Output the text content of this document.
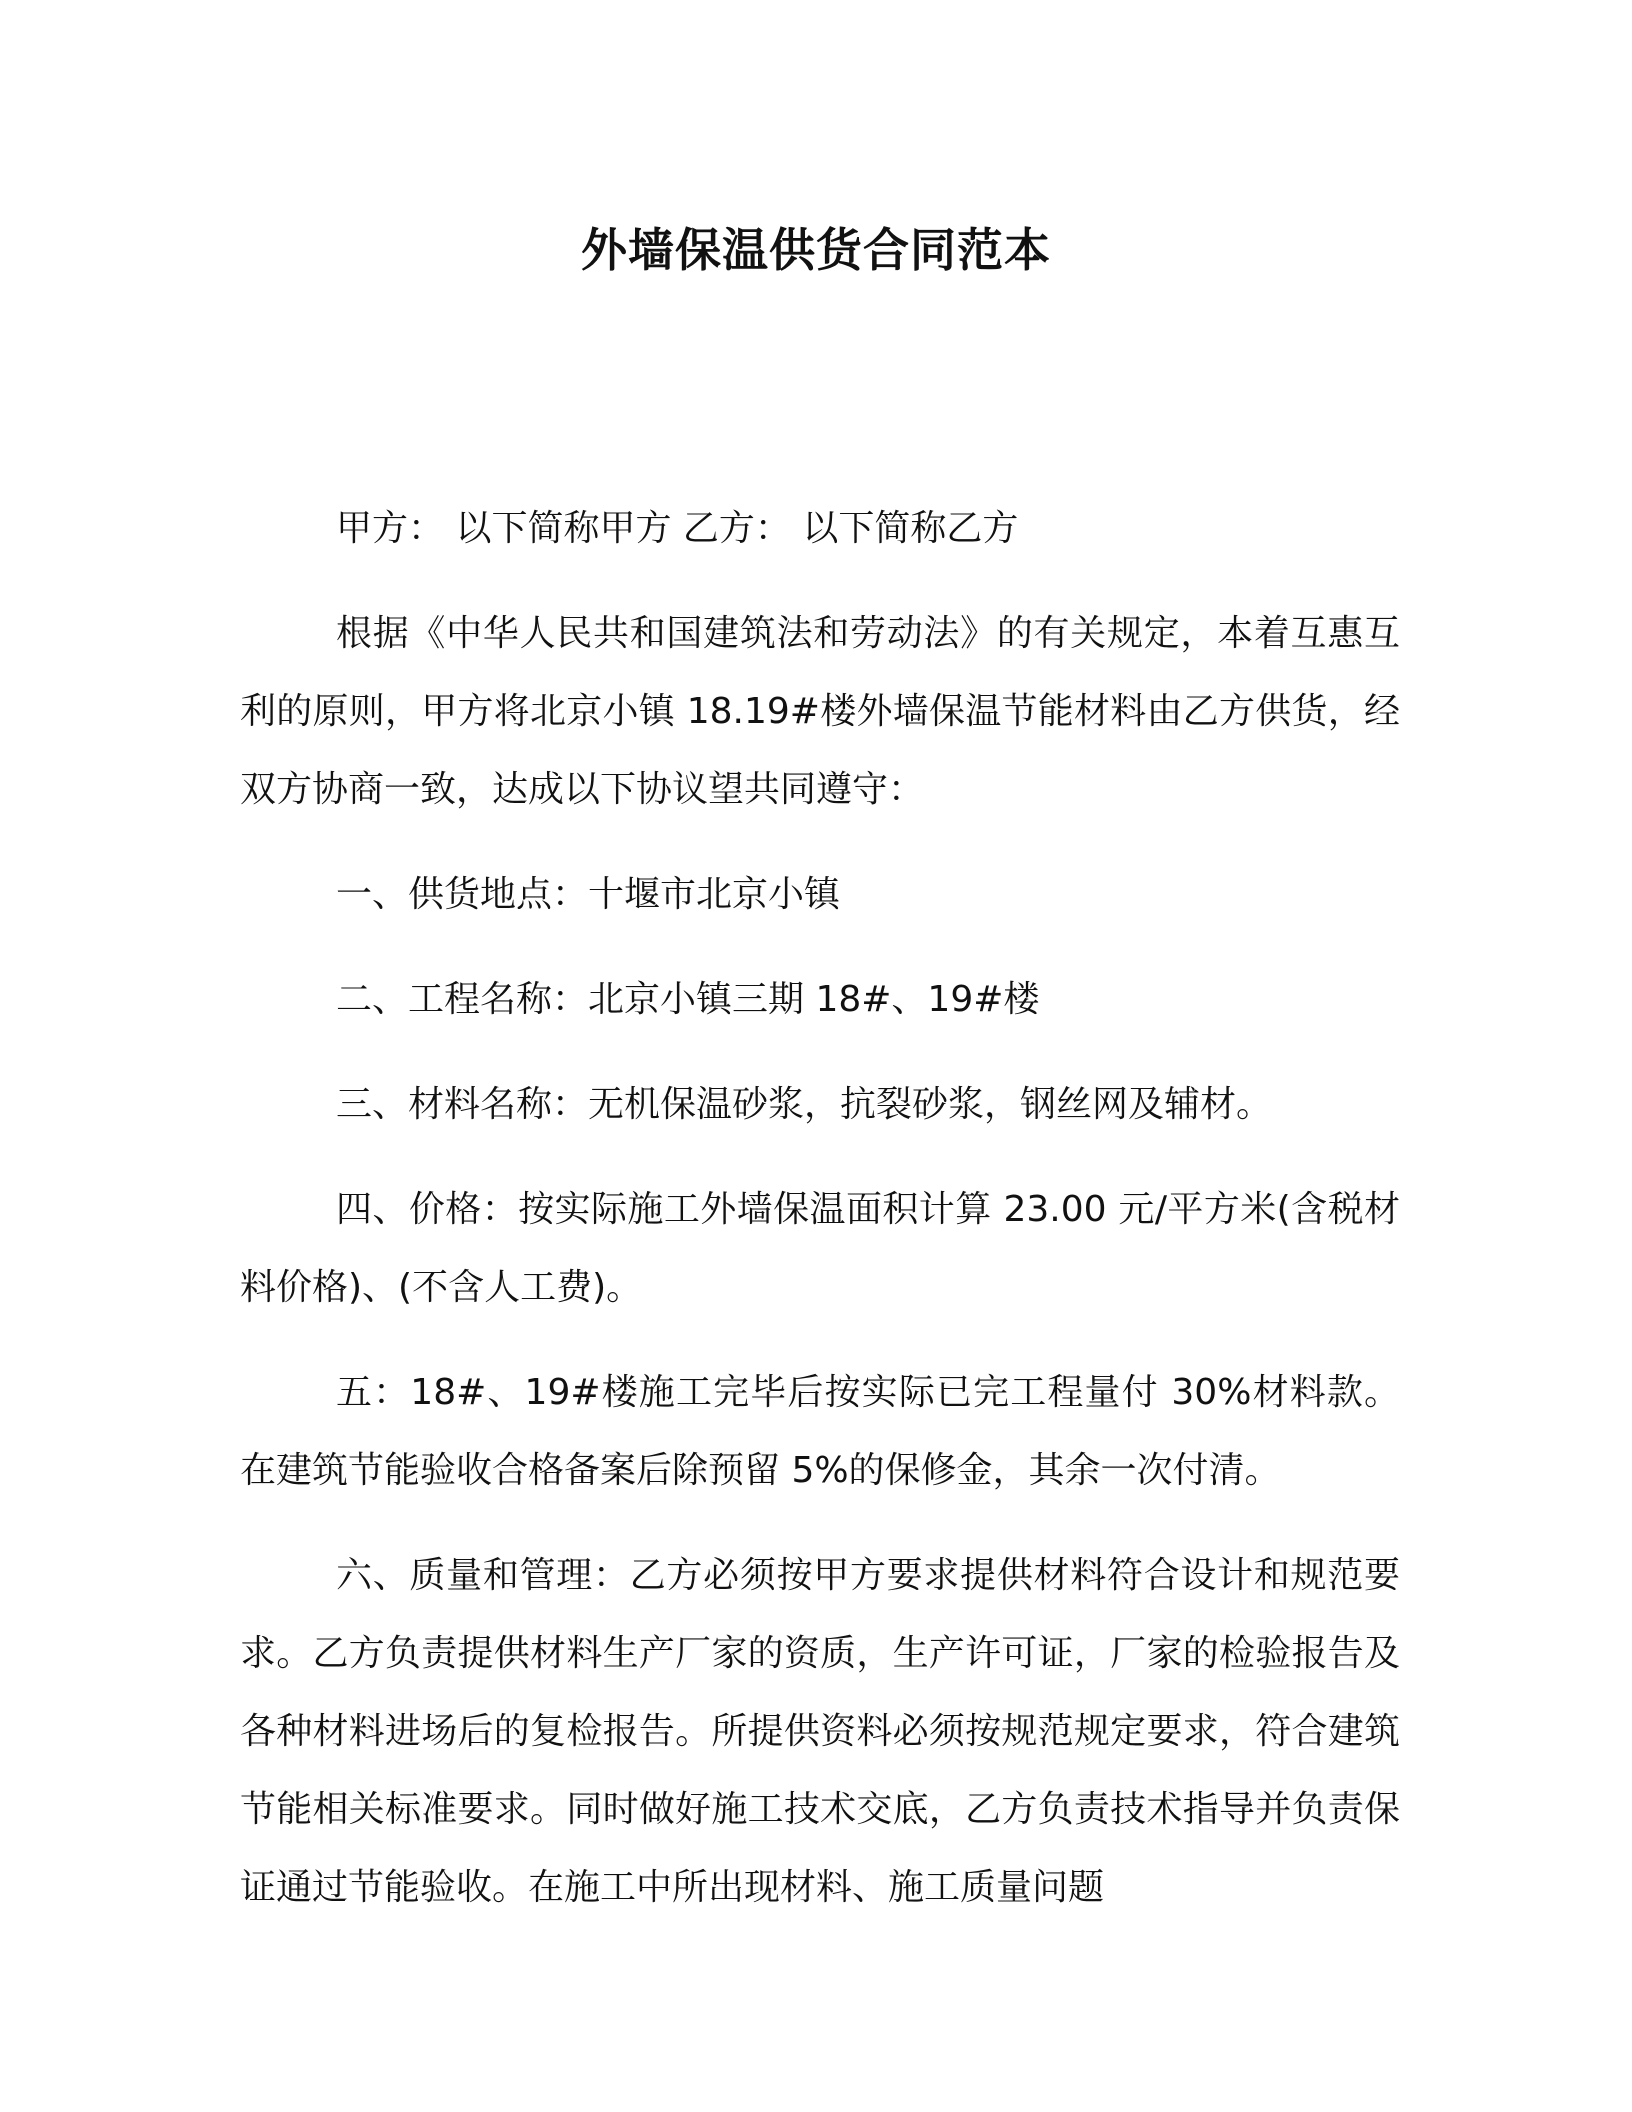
外墙保温供货合同范本

甲方： 以下简称甲方 乙方： 以下简称乙方

根据《中华人民共和国建筑法和劳动法》的有关规定，本着互惠互利的原则，甲方将北京小镇 18.19#楼外墙保温节能材料由乙方供货，经双方协商一致，达成以下协议望共同遵守：

一、供货地点：十堰市北京小镇

二、工程名称：北京小镇三期 18#、19#楼

三、材料名称：无机保温砂浆，抗裂砂浆，钢丝网及辅材。

四、价格：按实际施工外墙保温面积计算 23.00 元/平方米(含税材料价格)、(不含人工费)。

五：18#、19#楼施工完毕后按实际已完工程量付 30%材料款。在建筑节能验收合格备案后除预留 5%的保修金，其余一次付清。

六、质量和管理：乙方必须按甲方要求提供材料符合设计和规范要求。乙方负责提供材料生产厂家的资质，生产许可证，厂家的检验报告及各种材料进场后的复检报告。所提供资料必须按规范规定要求，符合建筑节能相关标准要求。同时做好施工技术交底，乙方负责技术指导并负责保证通过节能验收。在施工中所出现材料、施工质量问题
